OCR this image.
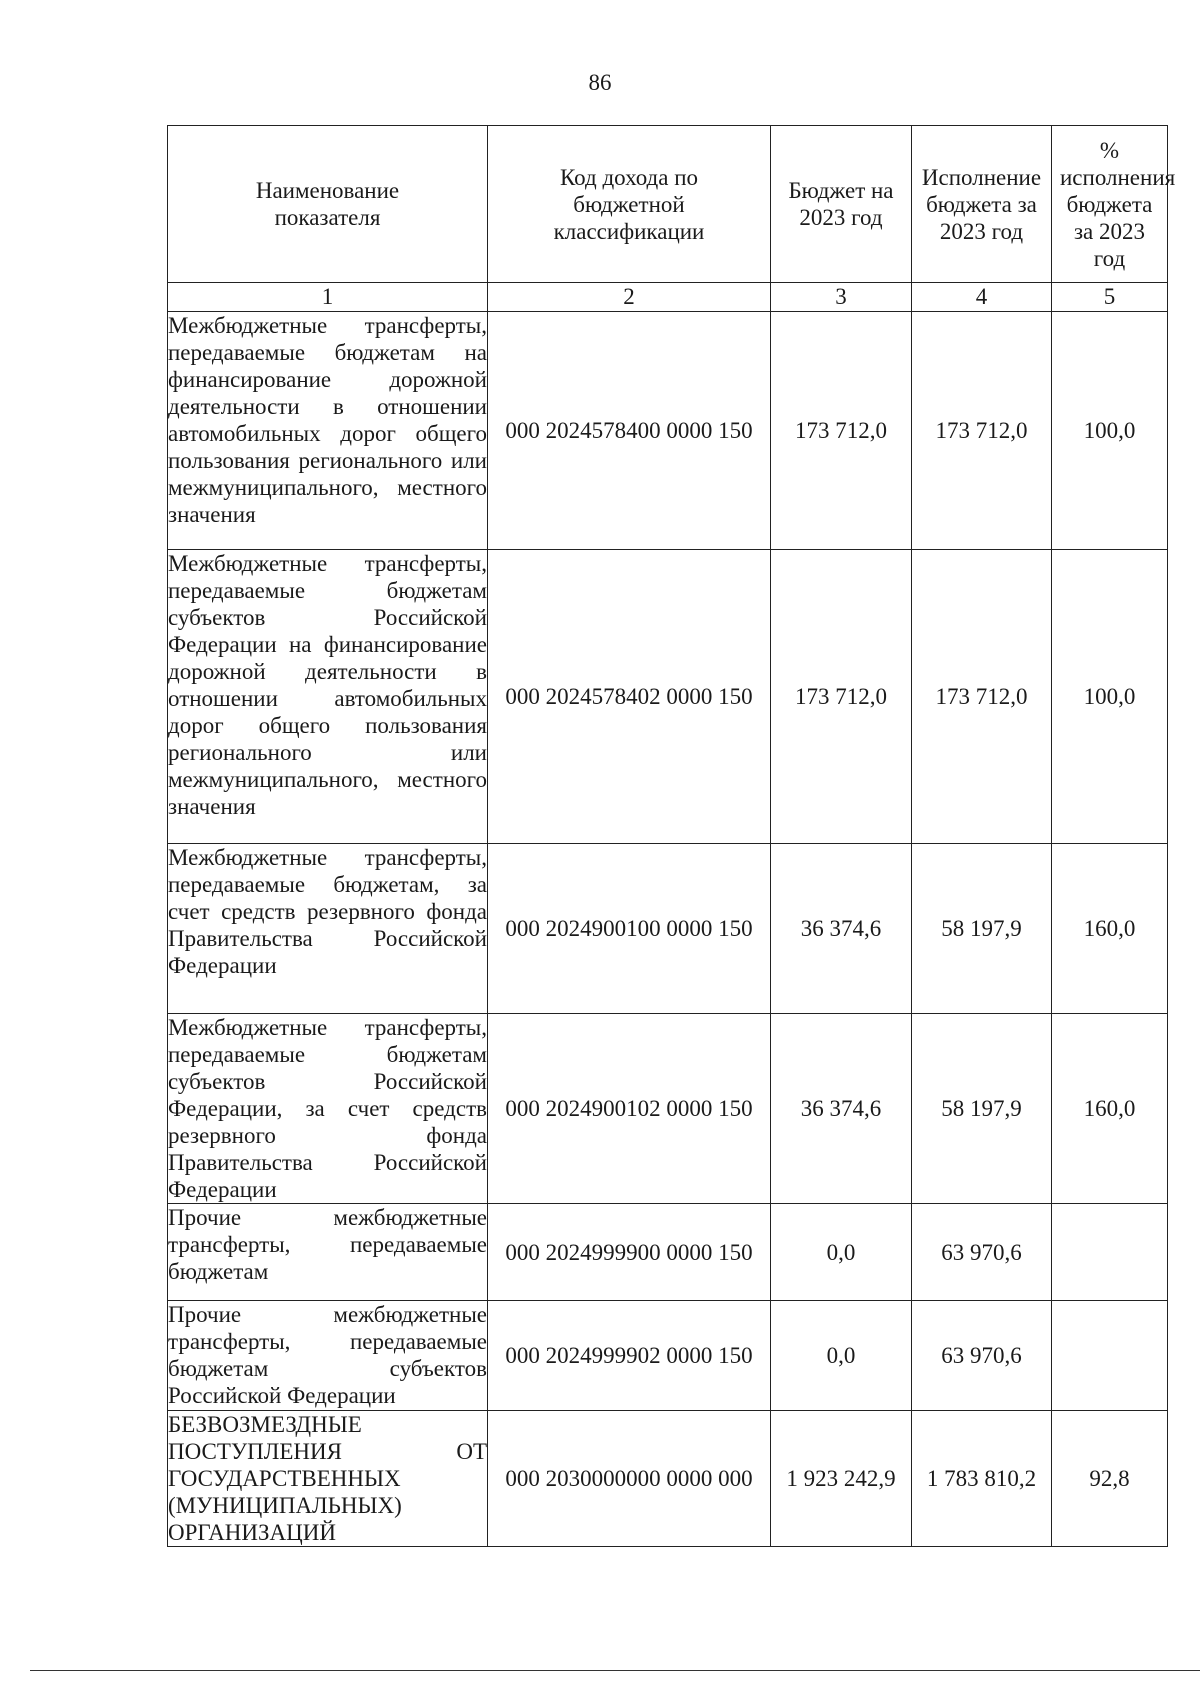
86
Наименование показателя	Код дохода по бюджетной классификации	Бюджет на 2023 год	Исполнение бюджета за 2023 год	% исполнения бюджета за 2023 год
1	2	3	4	5
Межбюджетные трансферты, передаваемые бюджетам на финансирование дорожной деятельности в отношении автомобильных дорог общего пользования регионального или межмуниципального, местного значения	000 2024578400 0000 150	173 712,0	173 712,0	100,0
Межбюджетные трансферты, передаваемые бюджетам субъектов Российской Федерации на финансирование дорожной деятельности в отношении автомобильных дорог общего пользования регионального или межмуниципального, местного значения	000 2024578402 0000 150	173 712,0	173 712,0	100,0
Межбюджетные трансферты, передаваемые бюджетам, за счет средств резервного фонда Правительства Российской Федерации	000 2024900100 0000 150	36 374,6	58 197,9	160,0
Межбюджетные трансферты, передаваемые бюджетам субъектов Российской Федерации, за счет средств резервного фонда Правительства Российской Федерации	000 2024900102 0000 150	36 374,6	58 197,9	160,0
Прочие межбюджетные трансферты, передаваемые бюджетам	000 2024999900 0000 150	0,0	63 970,6	
Прочие межбюджетные трансферты, передаваемые бюджетам субъектов Российской Федерации	000 2024999902 0000 150	0,0	63 970,6	
БЕЗВОЗМЕЗДНЫЕ ПОСТУПЛЕНИЯ ОТ ГОСУДАРСТВЕННЫХ (МУНИЦИПАЛЬНЫХ) ОРГАНИЗАЦИЙ	000 2030000000 0000 000	1 923 242,9	1 783 810,2	92,8
